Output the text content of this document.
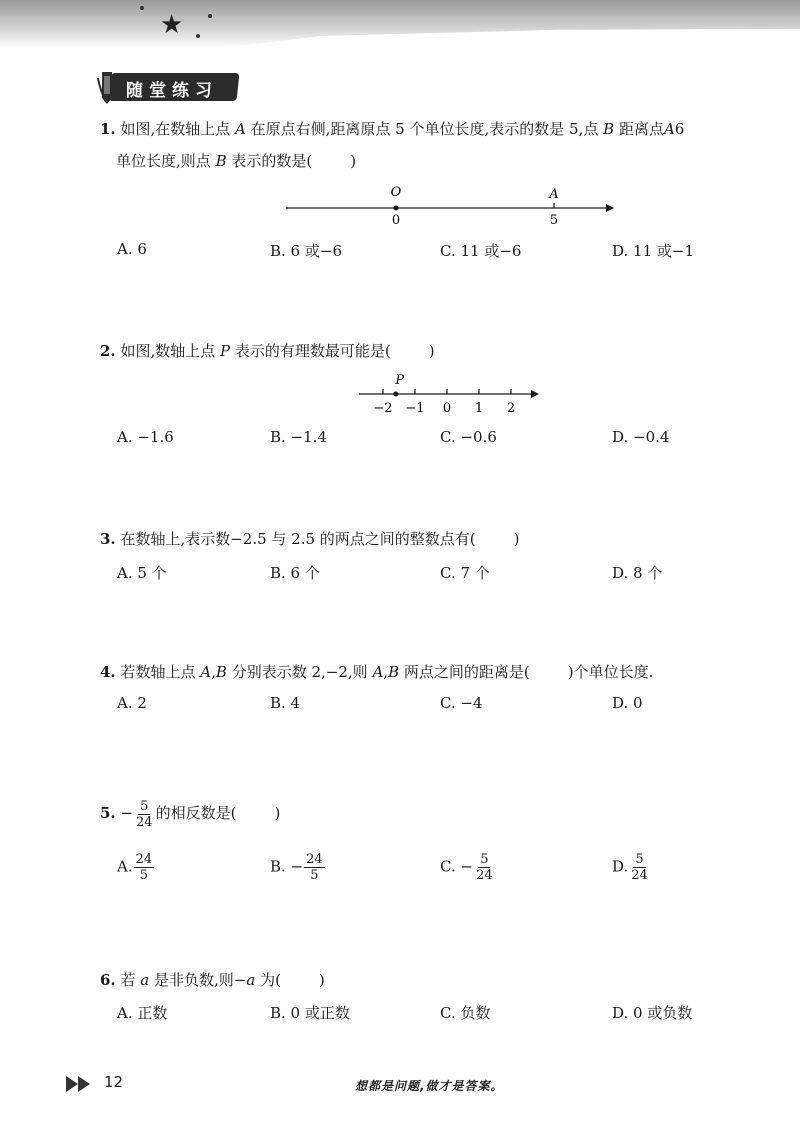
★
随堂练习
1. 如图,在数轴上点 A 在原点右侧,距离原点 5 个单位长度,表示的数是 5,点 B 距离点A6
单位长度,则点 B 表示的数是(	)
O	A
0	5
A. 6	B. 6 或−6	C. 11 或−6	D. 11 或−1
2. 如图,数轴上点 P 表示的有理数最可能是(	)
−2 −1 0 1 2
P
A. −1.6	B. −1.4	C. −0.6	D. −0.4
3. 在数轴上,表示数−2.5 与 2.5 的两点之间的整数点有(	)
A. 5 个	B. 6 个	C. 7 个	D. 8 个
4. 若数轴上点 A,B 分别表示数 2,−2,则 A,B 两点之间的距离是(	)个单位长度.
A. 2	B. 4	C. −4	D. 0
5. − $\frac{5}{24}$ 的相反数是(	)
A. $\frac{24}{5}$	B. − $\frac{24}{5}$	C. − $\frac{5}{24}$	D. $\frac{5}{24}$
6. 若 a 是非负数,则−a 为(	)
A. 正数	B. 0 或正数	C. 负数	D. 0 或负数
12	想都是问题,做才是答案。
